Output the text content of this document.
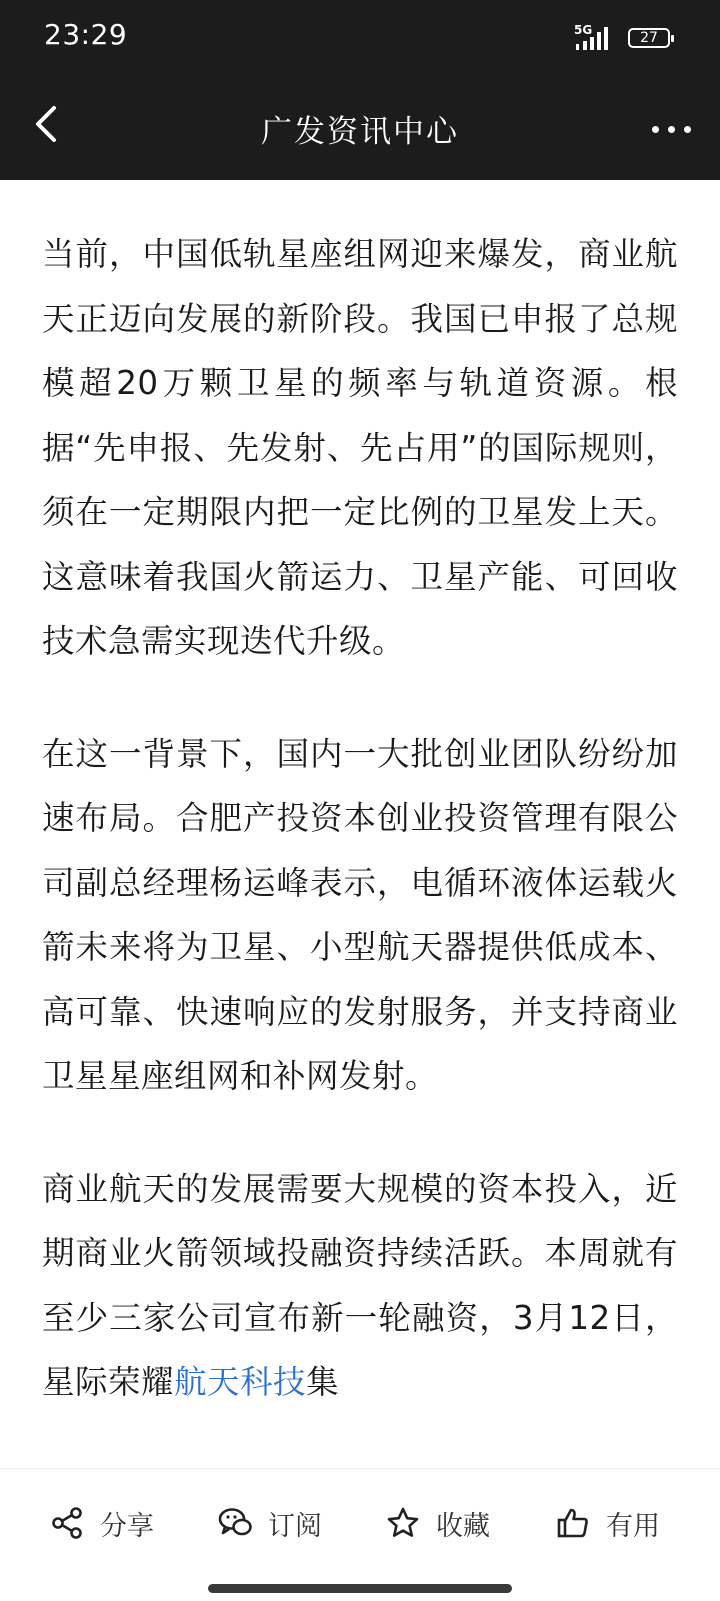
23:29	5G	27
广发资讯中心

当前，中国低轨星座组网迎来爆发，商业航天正迈向发展的新阶段。我国已申报了总规模超20万颗卫星的频率与轨道资源。根据“先申报、先发射、先占用”的国际规则，须在一定期限内把一定比例的卫星发上天。这意味着我国火箭运力、卫星产能、可回收技术急需实现迭代升级。

在这一背景下，国内一大批创业团队纷纷加速布局。合肥产投资本创业投资管理有限公司副总经理杨运峰表示，电循环液体运载火箭未来将为卫星、小型航天器提供低成本、高可靠、快速响应的发射服务，并支持商业卫星星座组网和补网发射。

商业航天的发展需要大规模的资本投入，近期商业火箭领域投融资持续活跃。本周就有至少三家公司宣布新一轮融资，3月12日，星际荣耀航天科技集

分享	订阅	收藏	有用
